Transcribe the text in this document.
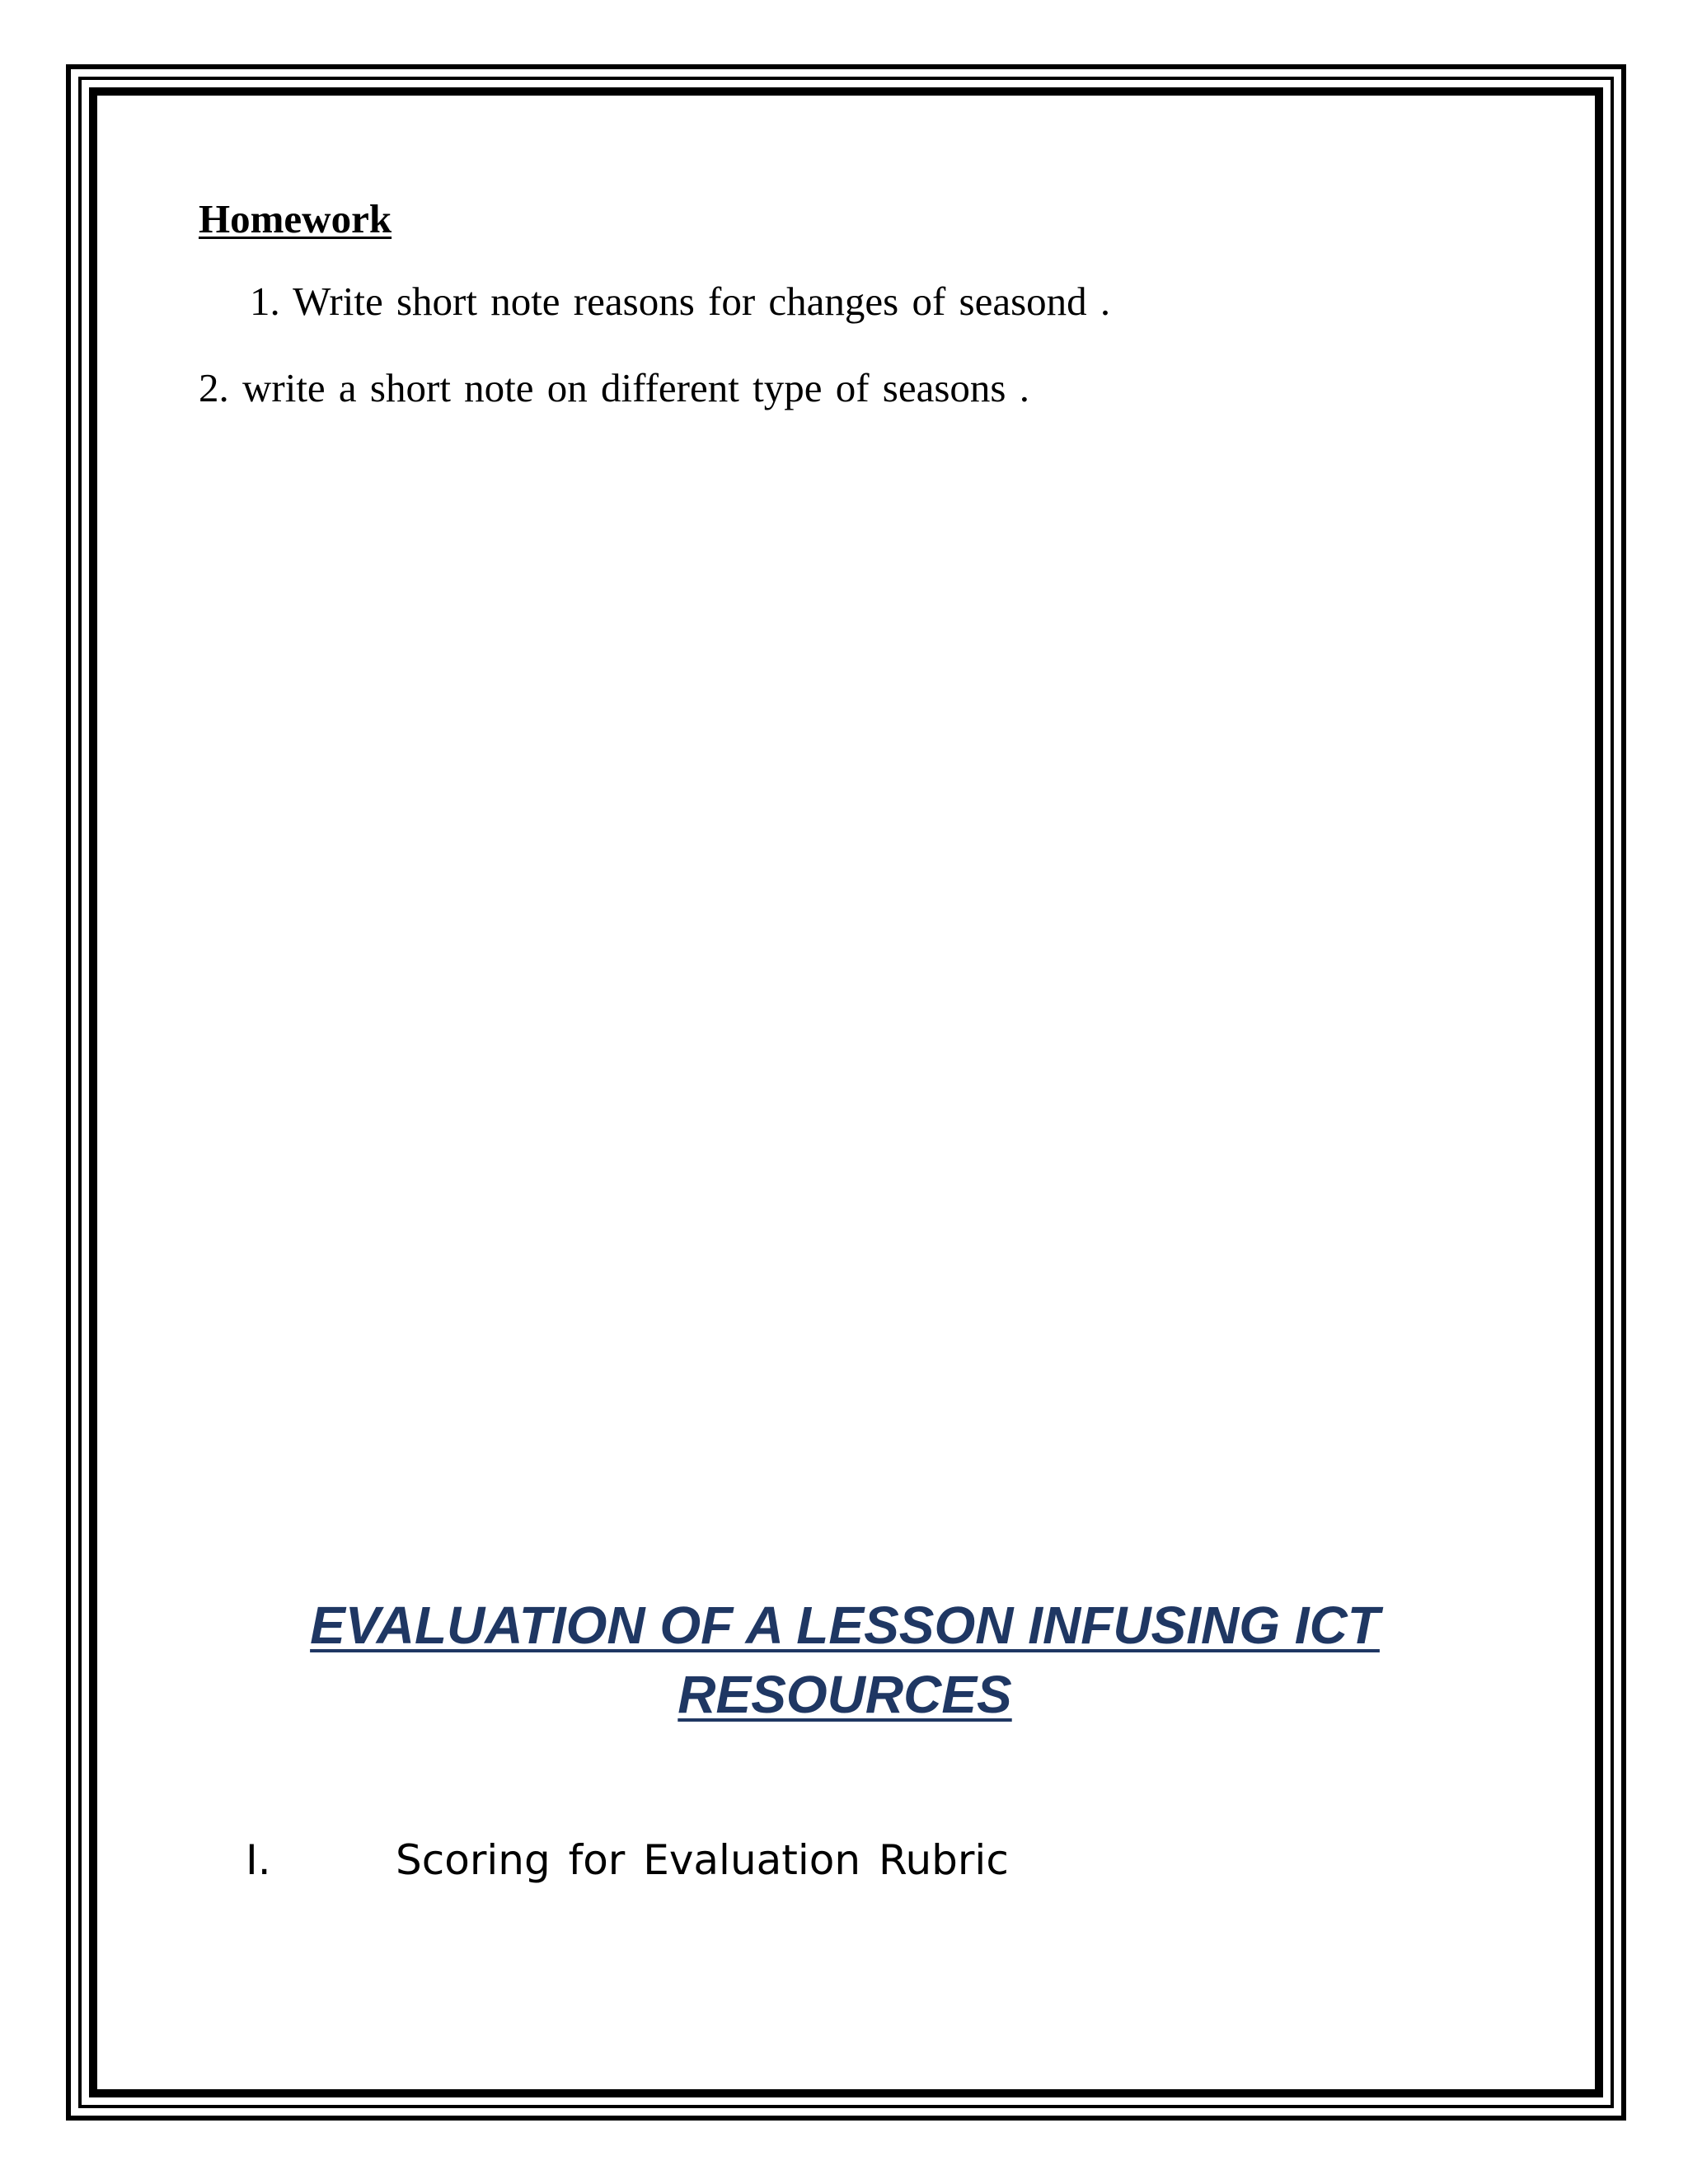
Homework

1. Write short note reasons for changes of seasond .

2. write a short note on different type of seasons .

EVALUATION OF A LESSON INFUSING ICT
RESOURCES
I.	Scoring for Evaluation Rubric
